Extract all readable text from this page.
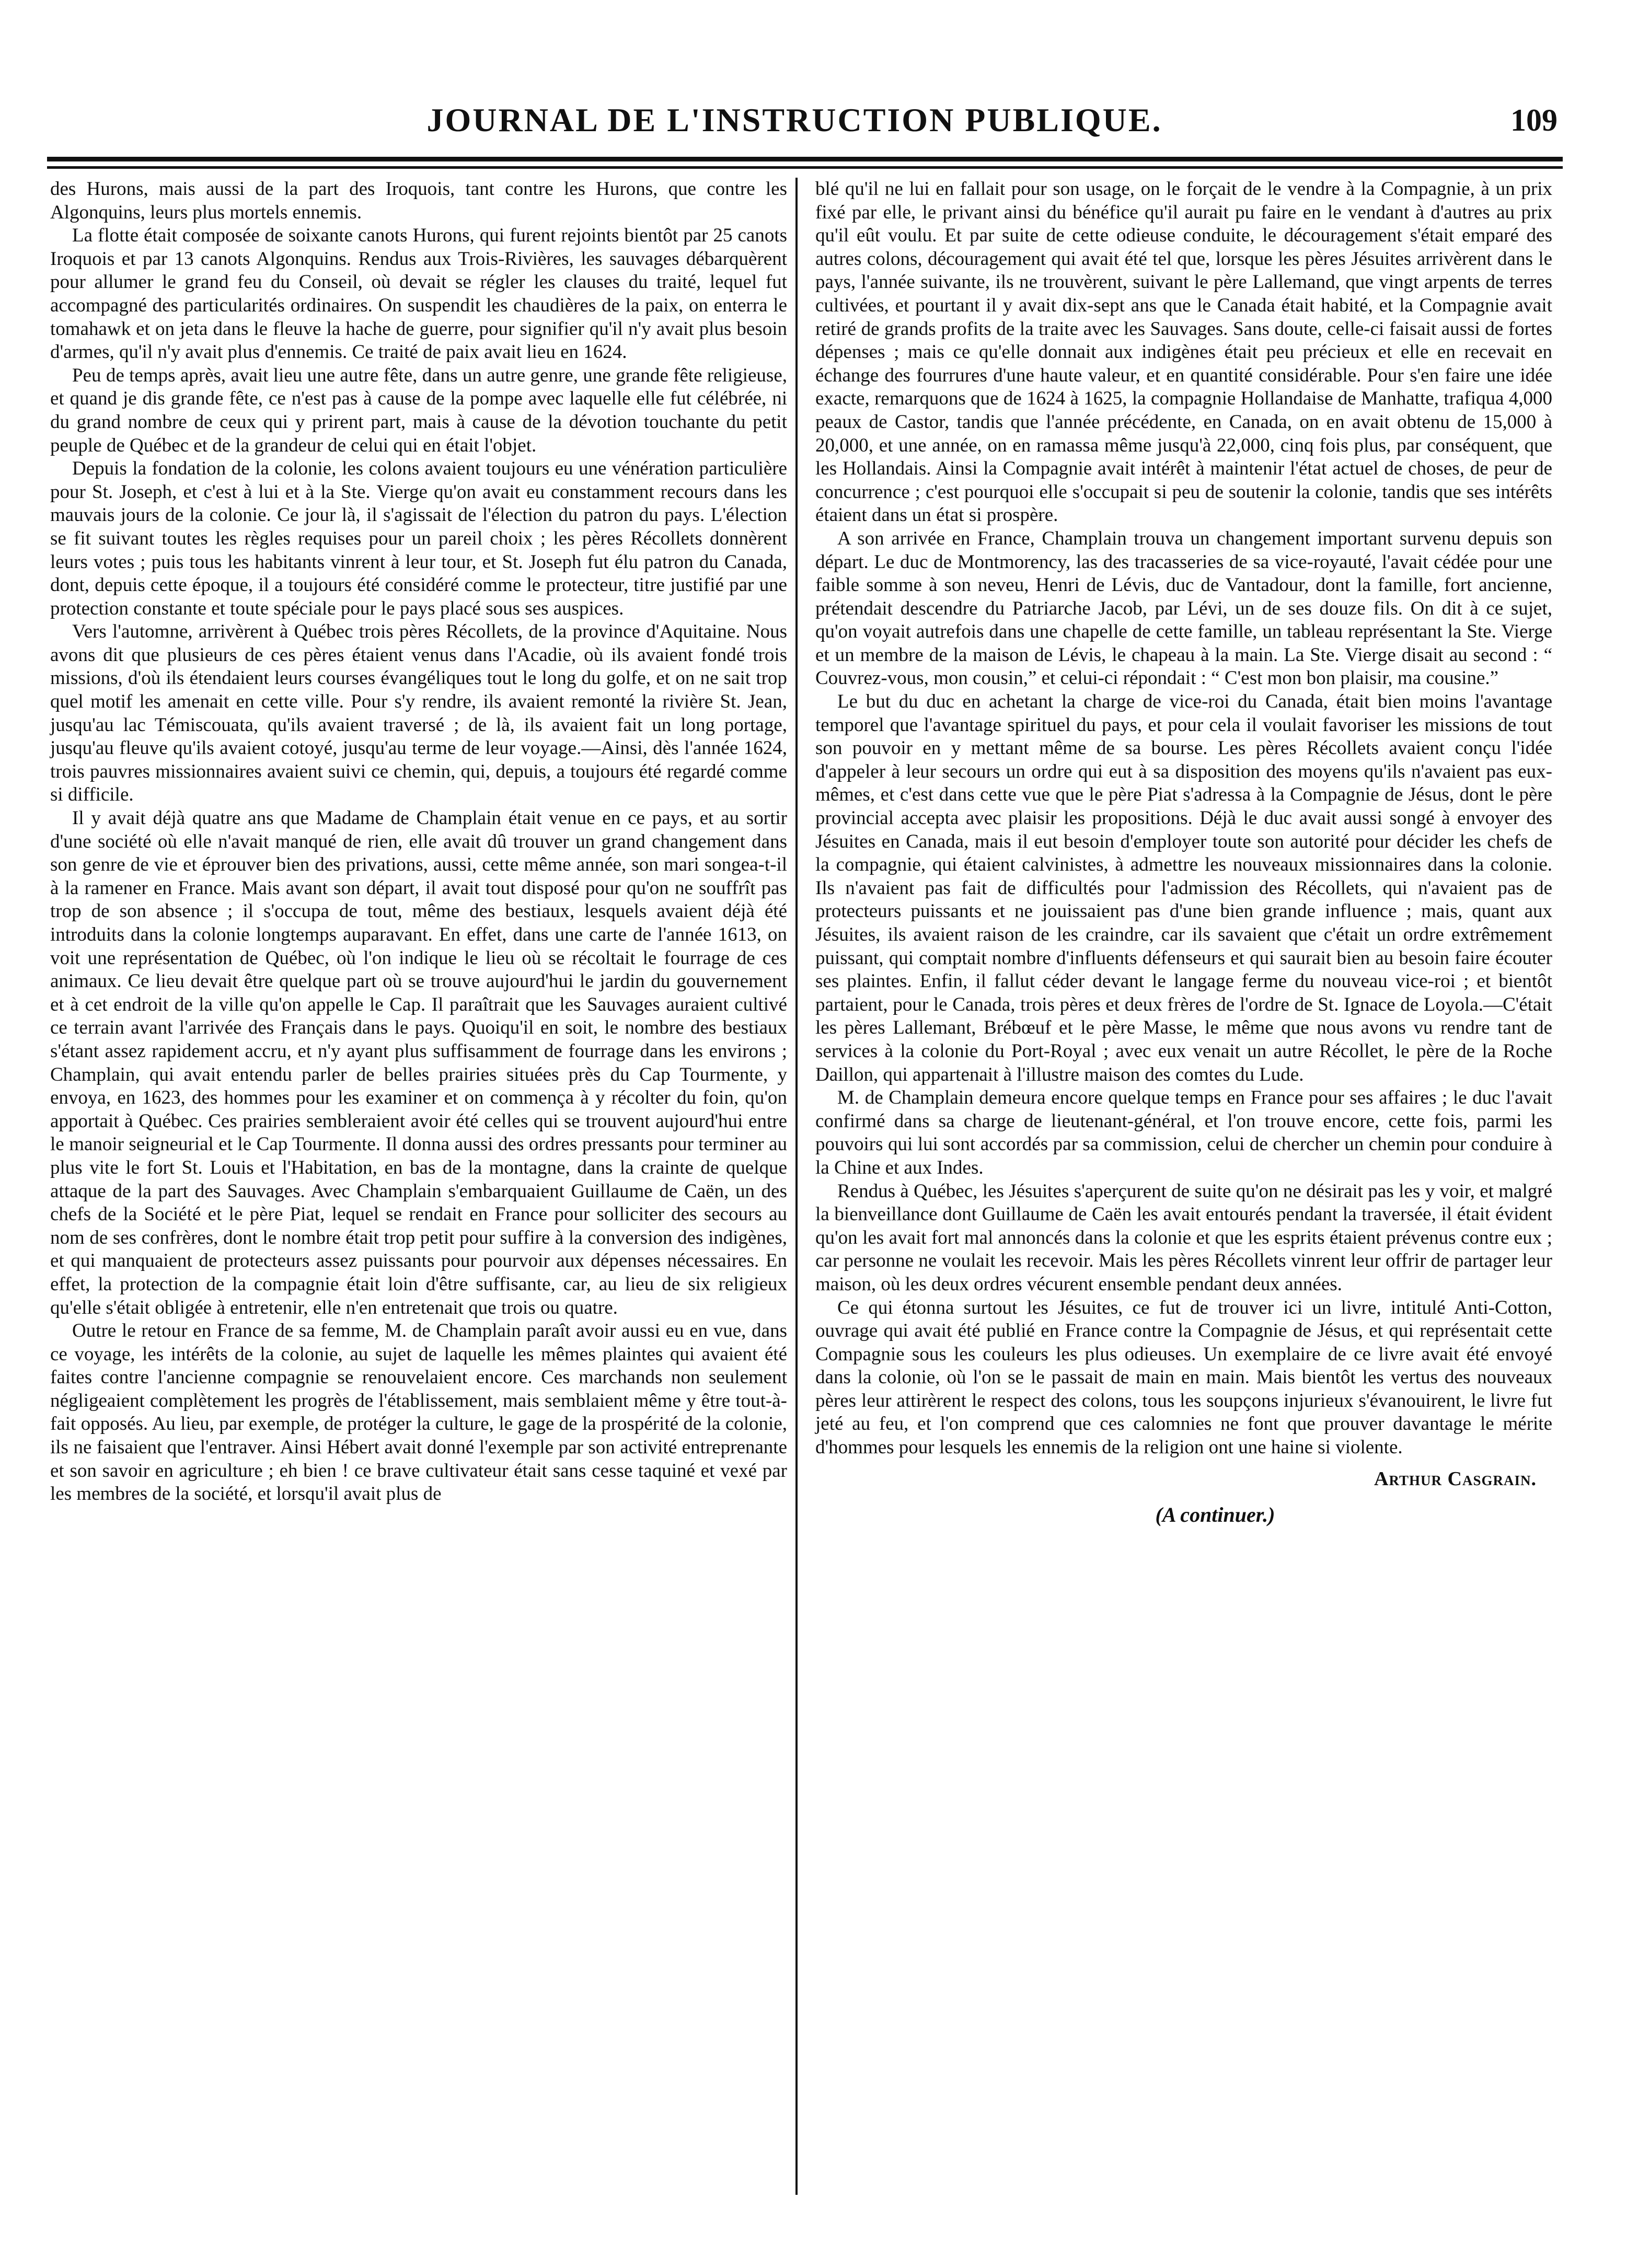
JOURNAL DE L'INSTRUCTION PUBLIQUE.	109

des Hurons, mais aussi de la part des Iroquois, tant contre les Hurons, que contre les Algonquins, leurs plus mortels ennemis.

La flotte était composée de soixante canots Hurons, qui furent rejoints bientôt par 25 canots Iroquois et par 13 canots Algonquins. Rendus aux Trois-Rivières, les sauvages débarquèrent pour allumer le grand feu du Conseil, où devait se régler les clauses du traité, lequel fut accompagné des particularités ordinaires. On suspendit les chaudières de la paix, on enterra le tomahawk et on jeta dans le fleuve la hache de guerre, pour signifier qu'il n'y avait plus besoin d'armes, qu'il n'y avait plus d'ennemis. Ce traité de paix avait lieu en 1624.

Peu de temps après, avait lieu une autre fête, dans un autre genre, une grande fête religieuse, et quand je dis grande fête, ce n'est pas à cause de la pompe avec laquelle elle fut célébrée, ni du grand nombre de ceux qui y prirent part, mais à cause de la dévotion touchante du petit peuple de Québec et de la grandeur de celui qui en était l'objet.

Depuis la fondation de la colonie, les colons avaient toujours eu une vénération particulière pour St. Joseph, et c'est à lui et à la Ste. Vierge qu'on avait eu constamment recours dans les mauvais jours de la colonie. Ce jour là, il s'agissait de l'élection du patron du pays. L'élection se fit suivant toutes les règles requises pour un pareil choix ; les pères Récollets donnèrent leurs votes ; puis tous les habitants vinrent à leur tour, et St. Joseph fut élu patron du Canada, dont, depuis cette époque, il a toujours été considéré comme le protecteur, titre justifié par une protection constante et toute spéciale pour le pays placé sous ses auspices.

Vers l'automne, arrivèrent à Québec trois pères Récollets, de la province d'Aquitaine. Nous avons dit que plusieurs de ces pères étaient venus dans l'Acadie, où ils avaient fondé trois missions, d'où ils étendaient leurs courses évangéliques tout le long du golfe, et on ne sait trop quel motif les amenait en cette ville. Pour s'y rendre, ils avaient remonté la rivière St. Jean, jusqu'au lac Témiscouata, qu'ils avaient traversé ; de là, ils avaient fait un long portage, jusqu'au fleuve qu'ils avaient cotoyé, jusqu'au terme de leur voyage.—Ainsi, dès l'année 1624, trois pauvres missionnaires avaient suivi ce chemin, qui, depuis, a toujours été regardé comme si difficile.

Il y avait déjà quatre ans que Madame de Champlain était venue en ce pays, et au sortir d'une société où elle n'avait manqué de rien, elle avait dû trouver un grand changement dans son genre de vie et éprouver bien des privations, aussi, cette même année, son mari songea-t-il à la ramener en France. Mais avant son départ, il avait tout disposé pour qu'on ne souffrît pas trop de son absence ; il s'occupa de tout, même des bestiaux, lesquels avaient déjà été introduits dans la colonie longtemps auparavant. En effet, dans une carte de l'année 1613, on voit une représentation de Québec, où l'on indique le lieu où se récoltait le fourrage de ces animaux. Ce lieu devait être quelque part où se trouve aujourd'hui le jardin du gouvernement et à cet endroit de la ville qu'on appelle le Cap. Il paraîtrait que les Sauvages auraient cultivé ce terrain avant l'arrivée des Français dans le pays. Quoiqu'il en soit, le nombre des bestiaux s'étant assez rapidement accru, et n'y ayant plus suffisamment de fourrage dans les environs ; Champlain, qui avait entendu parler de belles prairies situées près du Cap Tourmente, y envoya, en 1623, des hommes pour les examiner et on commença à y récolter du foin, qu'on apportait à Québec. Ces prairies sembleraient avoir été celles qui se trouvent aujourd'hui entre le manoir seigneurial et le Cap Tourmente. Il donna aussi des ordres pressants pour terminer au plus vite le fort St. Louis et l'Habitation, en bas de la montagne, dans la crainte de quelque attaque de la part des Sauvages. Avec Champlain s'embarquaient Guillaume de Caën, un des chefs de la Société et le père Piat, lequel se rendait en France pour solliciter des secours au nom de ses confrères, dont le nombre était trop petit pour suffire à la conversion des indigènes, et qui manquaient de protecteurs assez puissants pour pourvoir aux dépenses nécessaires. En effet, la protection de la compagnie était loin d'être suffisante, car, au lieu de six religieux qu'elle s'était obligée à entretenir, elle n'en entretenait que trois ou quatre.

Outre le retour en France de sa femme, M. de Champlain paraît avoir aussi eu en vue, dans ce voyage, les intérêts de la colonie, au sujet de laquelle les mêmes plaintes qui avaient été faites contre l'ancienne compagnie se renouvelaient encore. Ces marchands non seulement négligeaient complètement les progrès de l'établissement, mais semblaient même y être tout-à-fait opposés. Au lieu, par exemple, de protéger la culture, le gage de la prospérité de la colonie, ils ne faisaient que l'entraver. Ainsi Hébert avait donné l'exemple par son activité entreprenante et son savoir en agriculture ; eh bien ! ce brave cultivateur était sans cesse taquiné et vexé par les membres de la société, et lorsqu'il avait plus de

blé qu'il ne lui en fallait pour son usage, on le forçait de le vendre à la Compagnie, à un prix fixé par elle, le privant ainsi du bénéfice qu'il aurait pu faire en le vendant à d'autres au prix qu'il eût voulu. Et par suite de cette odieuse conduite, le découragement s'était emparé des autres colons, découragement qui avait été tel que, lorsque les pères Jésuites arrivèrent dans le pays, l'année suivante, ils ne trouvèrent, suivant le père Lallemand, que vingt arpents de terres cultivées, et pourtant il y avait dix-sept ans que le Canada était habité, et la Compagnie avait retiré de grands profits de la traite avec les Sauvages. Sans doute, celle-ci faisait aussi de fortes dépenses ; mais ce qu'elle donnait aux indigènes était peu précieux et elle en recevait en échange des fourrures d'une haute valeur, et en quantité considérable. Pour s'en faire une idée exacte, remarquons que de 1624 à 1625, la compagnie Hollandaise de Manhatte, trafiqua 4,000 peaux de Castor, tandis que l'année précédente, en Canada, on en avait obtenu de 15,000 à 20,000, et une année, on en ramassa même jusqu'à 22,000, cinq fois plus, par conséquent, que les Hollandais. Ainsi la Compagnie avait intérêt à maintenir l'état actuel de choses, de peur de concurrence ; c'est pourquoi elle s'occupait si peu de soutenir la colonie, tandis que ses intérêts étaient dans un état si prospère.

A son arrivée en France, Champlain trouva un changement important survenu depuis son départ. Le duc de Montmorency, las des tracasseries de sa vice-royauté, l'avait cédée pour une faible somme à son neveu, Henri de Lévis, duc de Vantadour, dont la famille, fort ancienne, prétendait descendre du Patriarche Jacob, par Lévi, un de ses douze fils. On dit à ce sujet, qu'on voyait autrefois dans une chapelle de cette famille, un tableau représentant la Ste. Vierge et un membre de la maison de Lévis, le chapeau à la main. La Ste. Vierge disait au second : “ Couvrez-vous, mon cousin,” et celui-ci répondait : “ C'est mon bon plaisir, ma cousine.”

Le but du duc en achetant la charge de vice-roi du Canada, était bien moins l'avantage temporel que l'avantage spirituel du pays, et pour cela il voulait favoriser les missions de tout son pouvoir en y mettant même de sa bourse. Les pères Récollets avaient conçu l'idée d'appeler à leur secours un ordre qui eut à sa disposition des moyens qu'ils n'avaient pas eux-mêmes, et c'est dans cette vue que le père Piat s'adressa à la Compagnie de Jésus, dont le père provincial accepta avec plaisir les propositions. Déjà le duc avait aussi songé à envoyer des Jésuites en Canada, mais il eut besoin d'employer toute son autorité pour décider les chefs de la compagnie, qui étaient calvinistes, à admettre les nouveaux missionnaires dans la colonie. Ils n'avaient pas fait de difficultés pour l'admission des Récollets, qui n'avaient pas de protecteurs puissants et ne jouissaient pas d'une bien grande influence ; mais, quant aux Jésuites, ils avaient raison de les craindre, car ils savaient que c'était un ordre extrêmement puissant, qui comptait nombre d'influents défenseurs et qui saurait bien au besoin faire écouter ses plaintes. Enfin, il fallut céder devant le langage ferme du nouveau vice-roi ; et bientôt partaient, pour le Canada, trois pères et deux frères de l'ordre de St. Ignace de Loyola.—C'était les pères Lallemant, Brébœuf et le père Masse, le même que nous avons vu rendre tant de services à la colonie du Port-Royal ; avec eux venait un autre Récollet, le père de la Roche Daillon, qui appartenait à l'illustre maison des comtes du Lude.

M. de Champlain demeura encore quelque temps en France pour ses affaires ; le duc l'avait confirmé dans sa charge de lieutenant-général, et l'on trouve encore, cette fois, parmi les pouvoirs qui lui sont accordés par sa commission, celui de chercher un chemin pour conduire à la Chine et aux Indes.

Rendus à Québec, les Jésuites s'aperçurent de suite qu'on ne désirait pas les y voir, et malgré la bienveillance dont Guillaume de Caën les avait entourés pendant la traversée, il était évident qu'on les avait fort mal annoncés dans la colonie et que les esprits étaient prévenus contre eux ; car personne ne voulait les recevoir. Mais les pères Récollets vinrent leur offrir de partager leur maison, où les deux ordres vécurent ensemble pendant deux années.

Ce qui étonna surtout les Jésuites, ce fut de trouver ici un livre, intitulé Anti-Cotton, ouvrage qui avait été publié en France contre la Compagnie de Jésus, et qui représentait cette Compagnie sous les couleurs les plus odieuses. Un exemplaire de ce livre avait été envoyé dans la colonie, où l'on se le passait de main en main. Mais bientôt les vertus des nouveaux pères leur attirèrent le respect des colons, tous les soupçons injurieux s'évanouirent, le livre fut jeté au feu, et l'on comprend que ces calomnies ne font que prouver davantage le mérite d'hommes pour lesquels les ennemis de la religion ont une haine si violente.

Arthur Casgrain.
(A continuer.)
